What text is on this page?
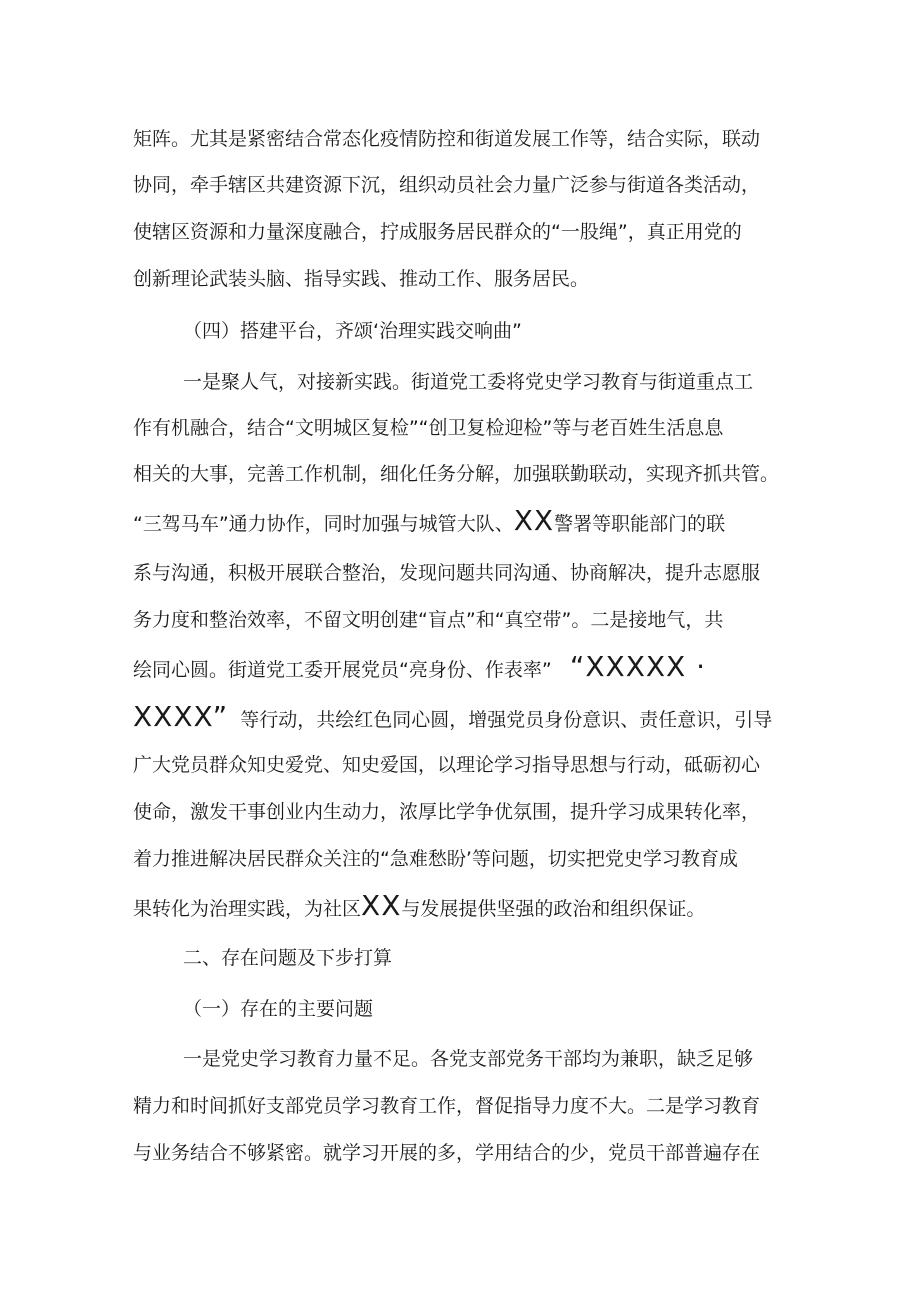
矩阵。尤其是紧密结合常态化疫情防控和街道发展工作等，结合实际，联动
协同，牵手辖区共建资源下沉，组织动员社会力量广泛参与街道各类活动，
使辖区资源和力量深度融合，拧成服务居民群众的“一股绳”，真正用党的
创新理论武装头脑、指导实践、推动工作、服务居民。
（四）搭建平台，齐颂‘治理实践交响曲”
一是聚人气，对接新实践。街道党工委将党史学习教育与街道重点工
作有机融合，结合“文明城区复检”“创卫复检迎检”等与老百姓生活息息
相关的大事，完善工作机制，细化任务分解，加强联勤联动，实现齐抓共管。
“三驾马车”通力协作，同时加强与城管大队、XX警署等职能部门的联
系与沟通，积极开展联合整治，发现问题共同沟通、协商解决，提升志愿服
务力度和整治效率，不留文明创建“盲点”和“真空带”。二是接地气，共
绘同心圆。街道党工委开展党员“亮身份、作表率” “XXXXX ·
XXXX” 等行动，共绘红色同心圆，增强党员身份意识、责任意识，引导
广大党员群众知史爱党、知史爱国，以理论学习指导思想与行动，砥砺初心
使命，激发干事创业内生动力，浓厚比学争优氛围，提升学习成果转化率，
着力推进解决居民群众关注的“急难愁盼’等问题，切实把党史学习教育成
果转化为治理实践，为社区XX与发展提供坚强的政治和组织保证。
二、存在问题及下步打算
（一）存在的主要问题
一是党史学习教育力量不足。各党支部党务干部均为兼职，缺乏足够
精力和时间抓好支部党员学习教育工作，督促指导力度不大。二是学习教育
与业务结合不够紧密。就学习开展的多，学用结合的少，党员干部普遍存在
